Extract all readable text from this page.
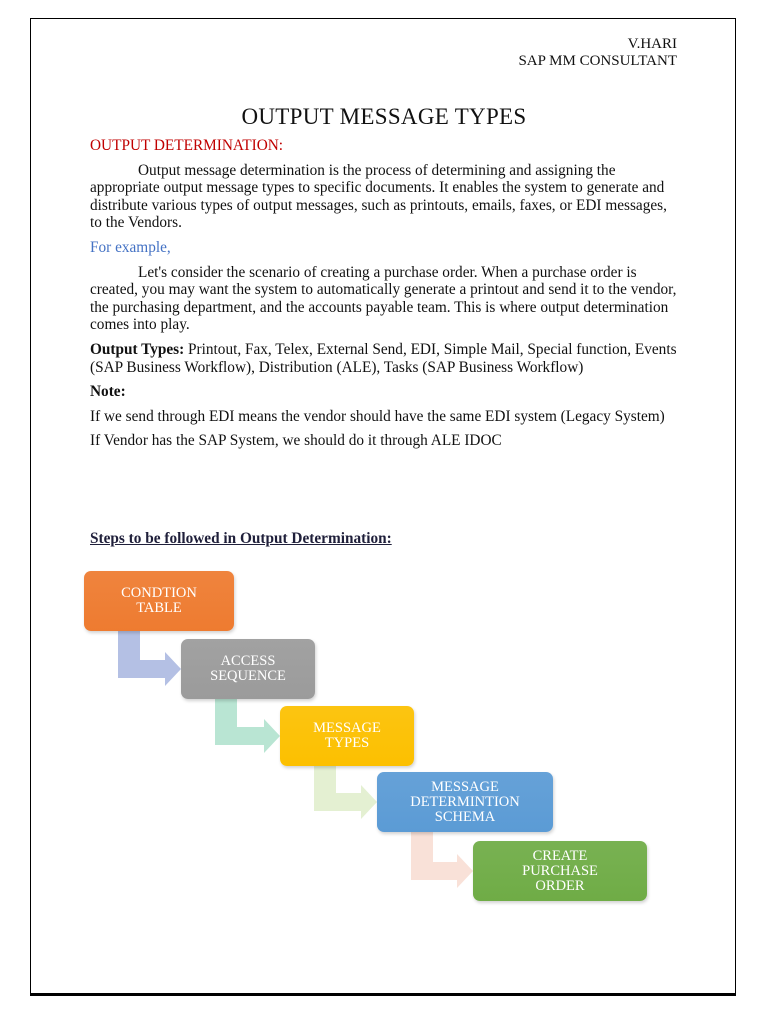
V.HARI
SAP MM CONSULTANT
OUTPUT MESSAGE TYPES

OUTPUT DETERMINATION:

Output message determination is the process of determining and assigning the appropriate output message types to specific documents. It enables the system to generate and distribute various types of output messages, such as printouts, emails, faxes, or EDI messages, to the Vendors.

For example,

Let's consider the scenario of creating a purchase order. When a purchase order is created, you may want the system to automatically generate a printout and send it to the vendor, the purchasing department, and the accounts payable team. This is where output determination comes into play.

Output Types: Printout, Fax, Telex, External Send, EDI, Simple Mail, Special function, Events (SAP Business Workflow), Distribution (ALE), Tasks (SAP Business Workflow)

Note:

If we send through EDI means the vendor should have the same EDI system (Legacy System)

If Vendor has the SAP System, we should do it through ALE IDOC

Steps to be followed in Output Determination:
CONDTION
TABLE
ACCESS
SEQUENCE
MESSAGE
TYPES
MESSAGE
DETERMINTION
SCHEMA
CREATE
PURCHASE
ORDER
